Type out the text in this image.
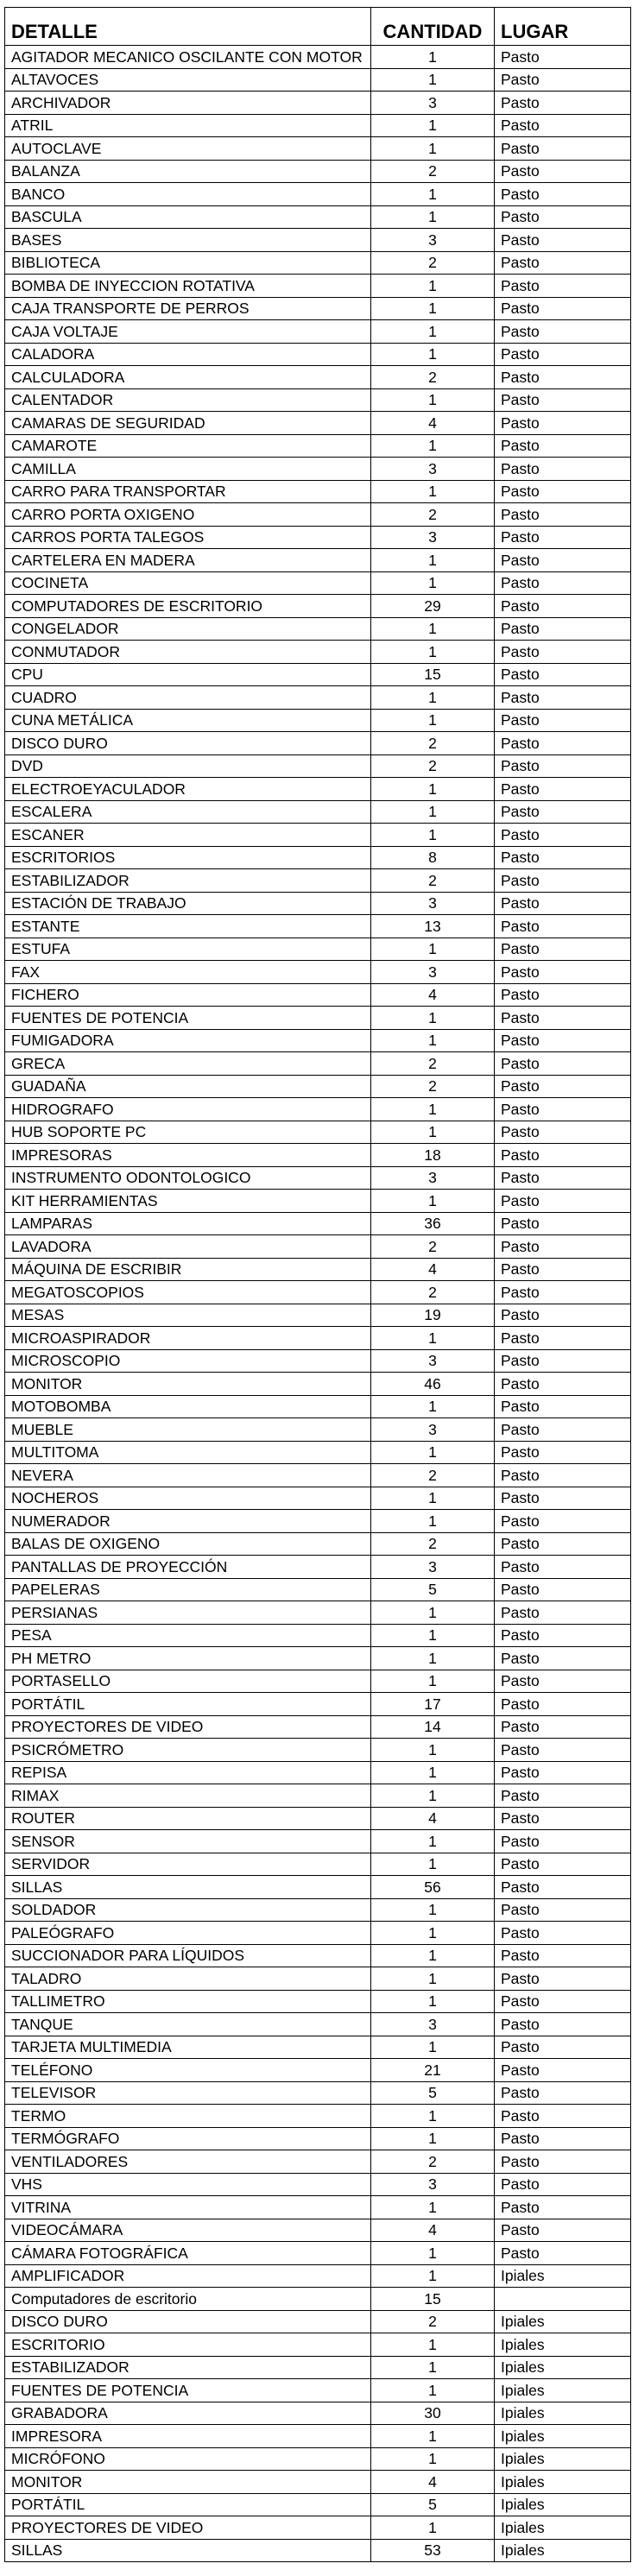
DETALLE	CANTIDAD	LUGAR
AGITADOR MECANICO OSCILANTE CON MOTOR	1	Pasto
ALTAVOCES	1	Pasto
ARCHIVADOR	3	Pasto
ATRIL	1	Pasto
AUTOCLAVE	1	Pasto
BALANZA	2	Pasto
BANCO	1	Pasto
BASCULA	1	Pasto
BASES	3	Pasto
BIBLIOTECA	2	Pasto
BOMBA DE INYECCION ROTATIVA	1	Pasto
CAJA TRANSPORTE DE PERROS	1	Pasto
CAJA VOLTAJE	1	Pasto
CALADORA	1	Pasto
CALCULADORA	2	Pasto
CALENTADOR	1	Pasto
CAMARAS DE SEGURIDAD	4	Pasto
CAMAROTE	1	Pasto
CAMILLA	3	Pasto
CARRO PARA TRANSPORTAR	1	Pasto
CARRO PORTA OXIGENO	2	Pasto
CARROS PORTA TALEGOS	3	Pasto
CARTELERA EN MADERA	1	Pasto
COCINETA	1	Pasto
COMPUTADORES DE ESCRITORIO	29	Pasto
CONGELADOR	1	Pasto
CONMUTADOR	1	Pasto
CPU	15	Pasto
CUADRO	1	Pasto
CUNA METÁLICA	1	Pasto
DISCO DURO	2	Pasto
DVD	2	Pasto
ELECTROEYACULADOR	1	Pasto
ESCALERA	1	Pasto
ESCANER	1	Pasto
ESCRITORIOS	8	Pasto
ESTABILIZADOR	2	Pasto
ESTACIÓN DE TRABAJO	3	Pasto
ESTANTE	13	Pasto
ESTUFA	1	Pasto
FAX	3	Pasto
FICHERO	4	Pasto
FUENTES DE POTENCIA	1	Pasto
FUMIGADORA	1	Pasto
GRECA	2	Pasto
GUADAÑA	2	Pasto
HIDROGRAFO	1	Pasto
HUB SOPORTE PC	1	Pasto
IMPRESORAS	18	Pasto
INSTRUMENTO ODONTOLOGICO	3	Pasto
KIT HERRAMIENTAS	1	Pasto
LAMPARAS	36	Pasto
LAVADORA	2	Pasto
MÁQUINA DE ESCRIBIR	4	Pasto
MEGATOSCOPIOS	2	Pasto
MESAS	19	Pasto
MICROASPIRADOR	1	Pasto
MICROSCOPIO	3	Pasto
MONITOR	46	Pasto
MOTOBOMBA	1	Pasto
MUEBLE	3	Pasto
MULTITOMA	1	Pasto
NEVERA	2	Pasto
NOCHEROS	1	Pasto
NUMERADOR	1	Pasto
BALAS DE OXIGENO	2	Pasto
PANTALLAS DE PROYECCIÓN	3	Pasto
PAPELERAS	5	Pasto
PERSIANAS	1	Pasto
PESA	1	Pasto
PH METRO	1	Pasto
PORTASELLO	1	Pasto
PORTÁTIL	17	Pasto
PROYECTORES DE VIDEO	14	Pasto
PSICRÓMETRO	1	Pasto
REPISA	1	Pasto
RIMAX	1	Pasto
ROUTER	4	Pasto
SENSOR	1	Pasto
SERVIDOR	1	Pasto
SILLAS	56	Pasto
SOLDADOR	1	Pasto
PALEÓGRAFO	1	Pasto
SUCCIONADOR PARA LÍQUIDOS	1	Pasto
TALADRO	1	Pasto
TALLIMETRO	1	Pasto
TANQUE	3	Pasto
TARJETA MULTIMEDIA	1	Pasto
TELÉFONO	21	Pasto
TELEVISOR	5	Pasto
TERMO	1	Pasto
TERMÓGRAFO	1	Pasto
VENTILADORES	2	Pasto
VHS	3	Pasto
VITRINA	1	Pasto
VIDEOCÁMARA	4	Pasto
CÁMARA FOTOGRÁFICA	1	Pasto
AMPLIFICADOR	1	Ipiales
Computadores de escritorio	15	
DISCO DURO	2	Ipiales
ESCRITORIO	1	Ipiales
ESTABILIZADOR	1	Ipiales
FUENTES DE POTENCIA	1	Ipiales
GRABADORA	30	Ipiales
IMPRESORA	1	Ipiales
MICRÓFONO	1	Ipiales
MONITOR	4	Ipiales
PORTÁTIL	5	Ipiales
PROYECTORES DE VIDEO	1	Ipiales
SILLAS	53	Ipiales
